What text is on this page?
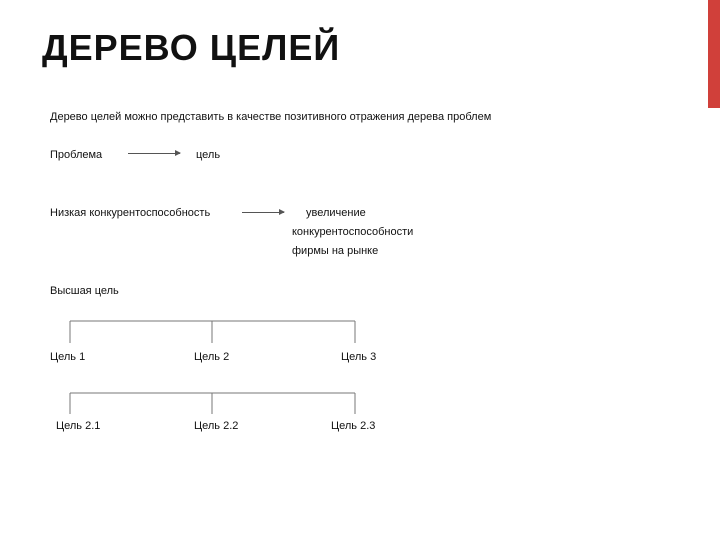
ДЕРЕВО ЦЕЛЕЙ
Дерево целей можно представить в качестве позитивного отражения дерева проблем
Проблема	цель
Низкая конкурентоспособность	увеличение
конкурентоспособности
фирмы на рынке
Высшая цель
Цель 1	Цель 2	Цель 3
Цель 2.1	Цель 2.2	Цель 2.3
